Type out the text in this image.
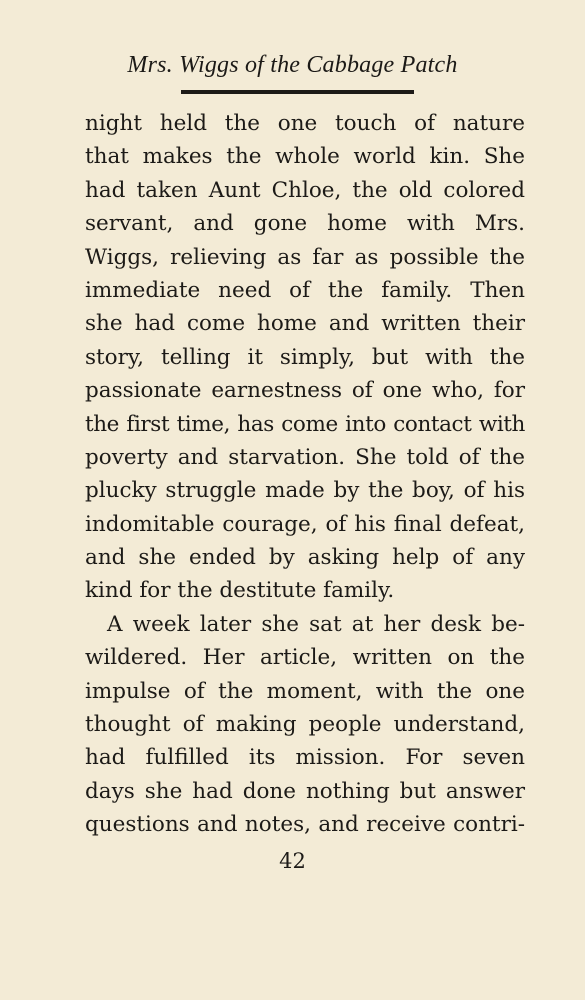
Mrs. Wiggs of the Cabbage Patch
night held the one touch of nature
that makes the whole world kin. She
had taken Aunt Chloe, the old colored
servant, and gone home with Mrs.
Wiggs, relieving as far as possible the
immediate need of the family. Then
she had come home and written their
story, telling it simply, but with the
passionate earnestness of one who, for
the first time, has come into contact with
poverty and starvation. She told of the
plucky struggle made by the boy, of his
indomitable courage, of his final defeat,
and she ended by asking help of any
kind for the destitute family.
A week later she sat at her desk be-
wildered. Her article, written on the
impulse of the moment, with the one
thought of making people understand,
had fulfilled its mission. For seven
days she had done nothing but answer
questions and notes, and receive contri-
42
